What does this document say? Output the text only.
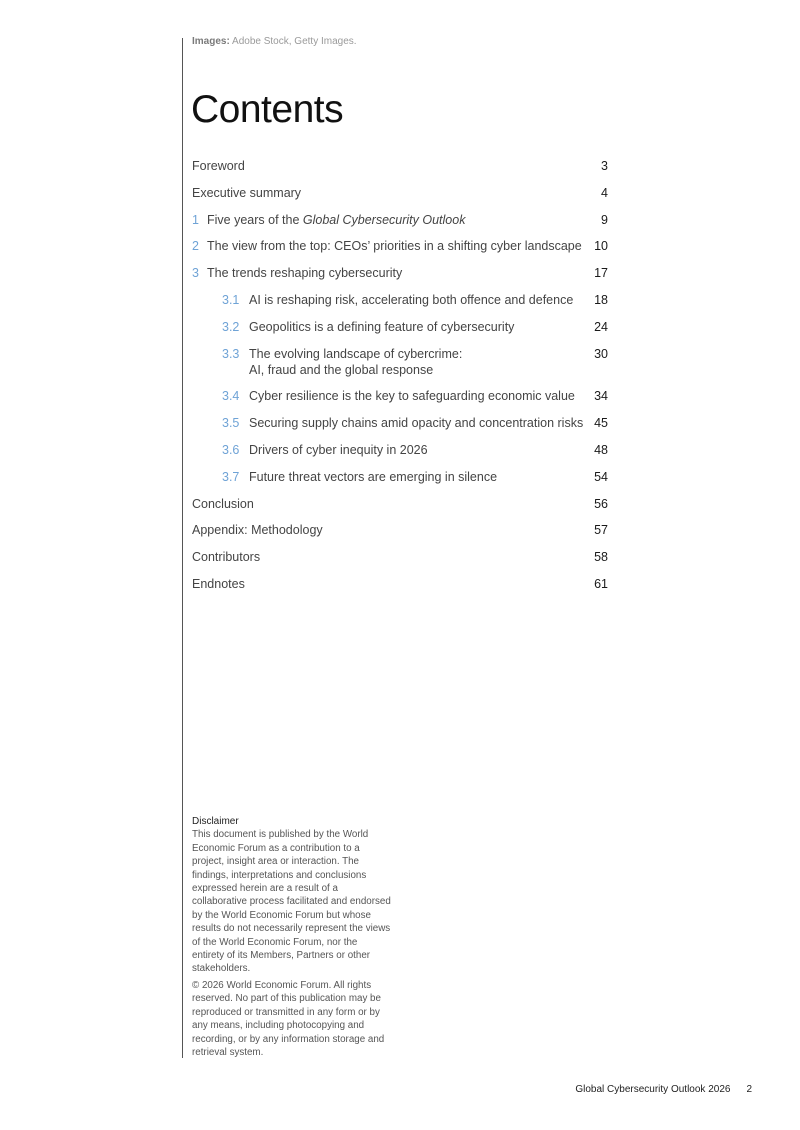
Images: Adobe Stock, Getty Images.
Contents
Foreword	3
Executive summary	4
1 Five years of the Global Cybersecurity Outlook	9
2 The view from the top: CEOs’ priorities in a shifting cyber landscape 10
3 The trends reshaping cybersecurity	17
3.1 AI is reshaping risk, accelerating both offence and defence	18
3.2 Geopolitics is a defining feature of cybersecurity	24
3.3 The evolving landscape of cybercrime:
AI, fraud and the global response
30
3.4 Cyber resilience is the key to safeguarding economic value	34
3.5 Securing supply chains amid opacity and concentration risks 45
3.6 Drivers of cyber inequity in 2026	48
3.7 Future threat vectors are emerging in silence	54
Conclusion	56
Appendix: Methodology	57
Contributors	58
Endnotes	61

Disclaimer

This document is published by the World Economic Forum as a contribution to a project, insight area or interaction. The findings, interpretations and conclusions expressed herein are a result of a collaborative process facilitated and endorsed by the World Economic Forum but whose results do not necessarily represent the views of the World Economic Forum, nor the entirety of its Members, Partners or other stakeholders.

© 2026 World Economic Forum. All rights reserved. No part of this publication may be reproduced or transmitted in any form or by any means, including photocopying and recording, or by any information storage and retrieval system.

Global Cybersecurity Outlook 2026 2
